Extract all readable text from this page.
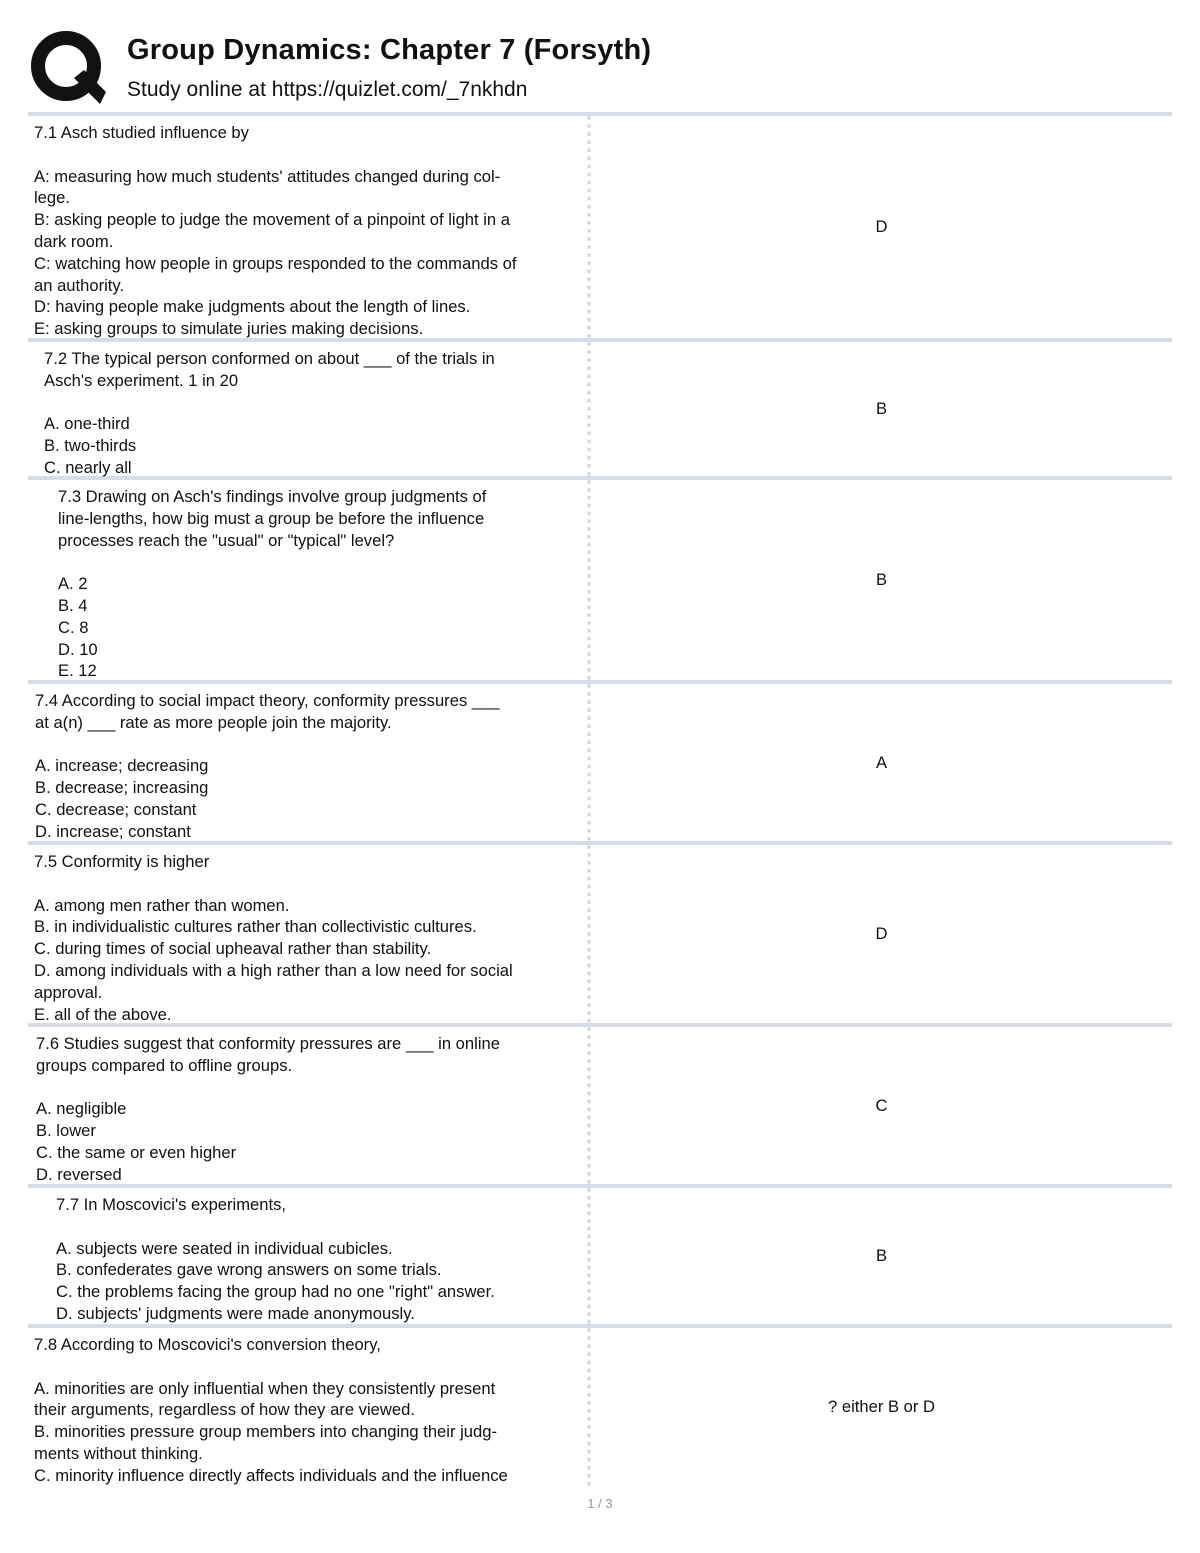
Group Dynamics: Chapter 7 (Forsyth)
Study online at https://quizlet.com/_7nkhdn
7.1 Asch studied influence by

A: measuring how much students' attitudes changed during col-
lege.
B: asking people to judge the movement of a pinpoint of light in a
dark room.
C: watching how people in groups responded to the commands of
an authority.
D: having people make judgments about the length of lines.
E: asking groups to simulate juries making decisions.
D
7.2 The typical person conformed on about ___ of the trials in
Asch's experiment. 1 in 20

A. one-third
B. two-thirds
C. nearly all
B
7.3 Drawing on Asch's findings involve group judgments of
line-lengths, how big must a group be before the influence
processes reach the "usual" or "typical" level?

A. 2
B. 4
C. 8
D. 10
E. 12
B
7.4 According to social impact theory, conformity pressures ___
at a(n) ___ rate as more people join the majority.

A. increase; decreasing
B. decrease; increasing
C. decrease; constant
D. increase; constant
A
7.5 Conformity is higher

A. among men rather than women.
B. in individualistic cultures rather than collectivistic cultures.
C. during times of social upheaval rather than stability.
D. among individuals with a high rather than a low need for social
approval.
E. all of the above.
D
7.6 Studies suggest that conformity pressures are ___ in online
groups compared to offline groups.

A. negligible
B. lower
C. the same or even higher
D. reversed
C
7.7 In Moscovici's experiments,

A. subjects were seated in individual cubicles.
B. confederates gave wrong answers on some trials.
C. the problems facing the group had no one "right" answer.
D. subjects' judgments were made anonymously.
B
7.8 According to Moscovici's conversion theory,

A. minorities are only influential when they consistently present
their arguments, regardless of how they are viewed.
B. minorities pressure group members into changing their judg-
ments without thinking.
C. minority influence directly affects individuals and the influence
? either B or D
1 / 3
